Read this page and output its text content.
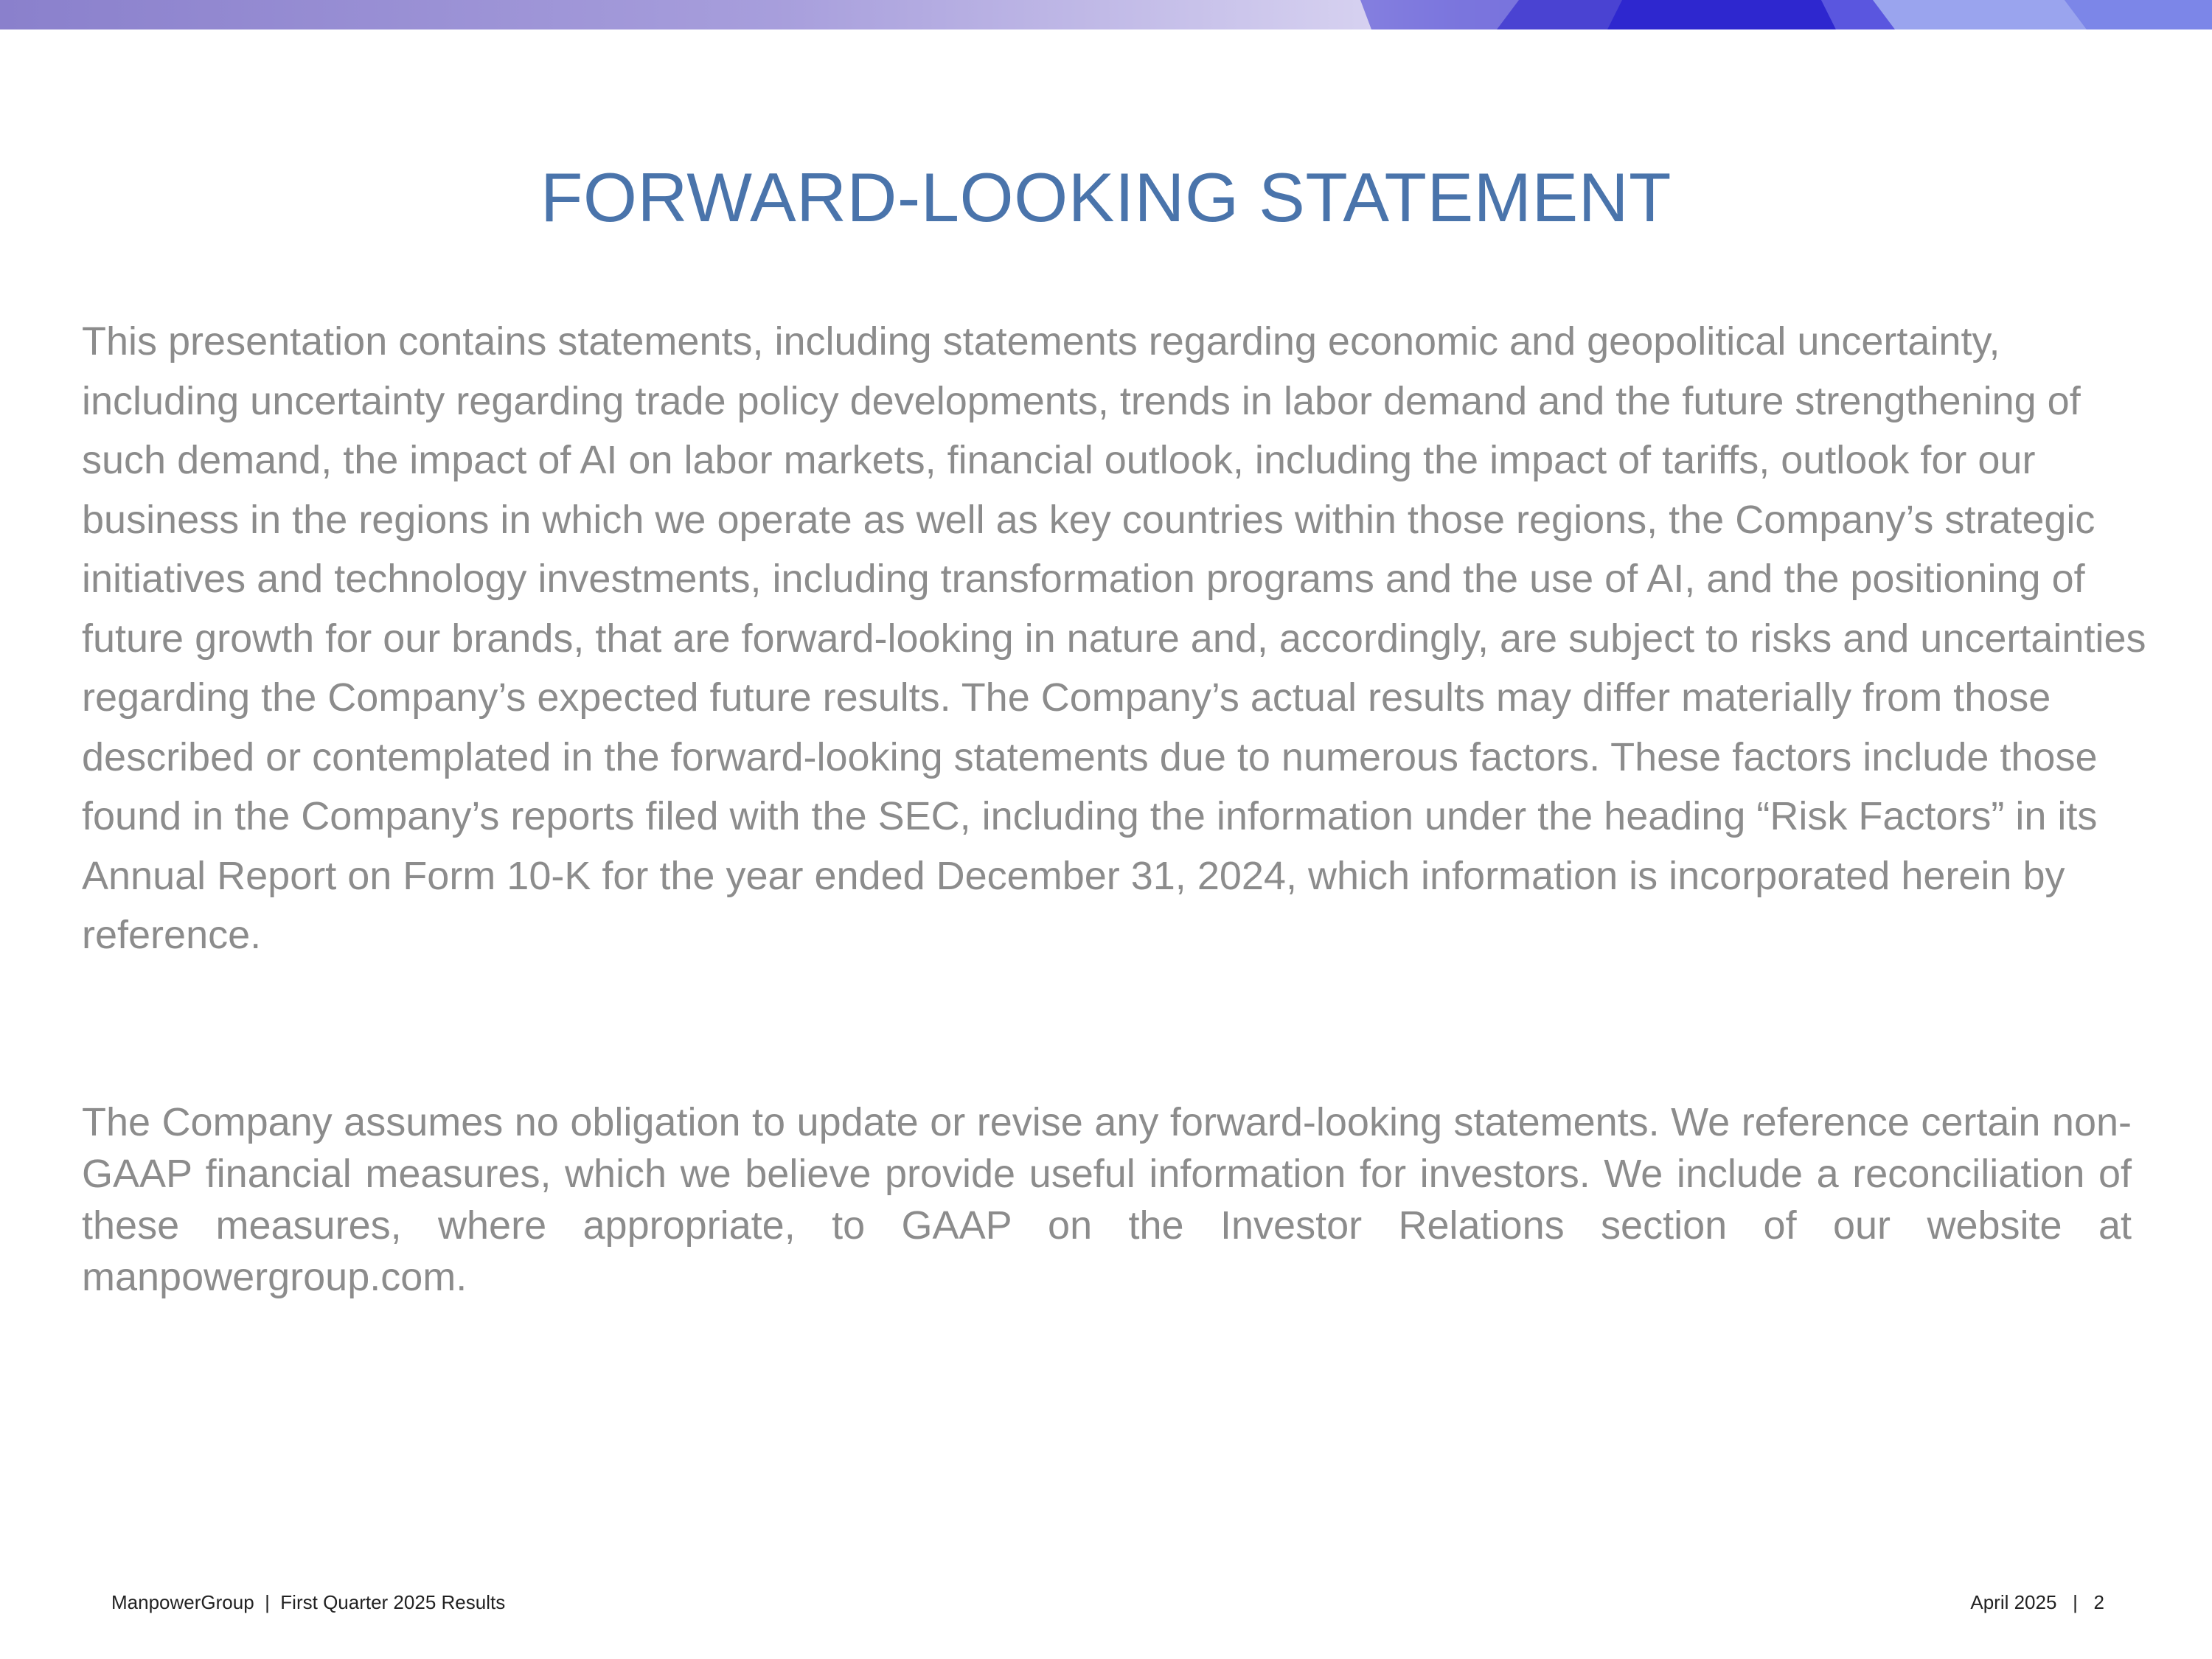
FORWARD-LOOKING STATEMENT

This presentation contains statements, including statements regarding economic and geopolitical uncertainty, including uncertainty regarding trade policy developments, trends in labor demand and the future strengthening of such demand, the impact of AI on labor markets, financial outlook, including the impact of tariffs, outlook for our business in the regions in which we operate as well as key countries within those regions, the Company’s strategic initiatives and technology investments, including transformation programs and the use of AI, and the positioning of future growth for our brands, that are forward-looking in nature and, accordingly, are subject to risks and uncertainties regarding the Company’s expected future results. The Company’s actual results may differ materially from those described or contemplated in the forward-looking statements due to numerous factors. These factors include those found in the Company’s reports filed with the SEC, including the information under the heading “Risk Factors” in its Annual Report on Form 10-K for the year ended December 31, 2024, which information is incorporated herein by reference.

The Company assumes no obligation to update or revise any forward-looking statements. We reference certain non-GAAP financial measures, which we believe provide useful information for investors. We include a reconciliation of these measures, where appropriate, to GAAP on the Investor Relations section of our website at manpowergroup.com.

ManpowerGroup  |  First Quarter 2025 Results	April 2025   |   2
